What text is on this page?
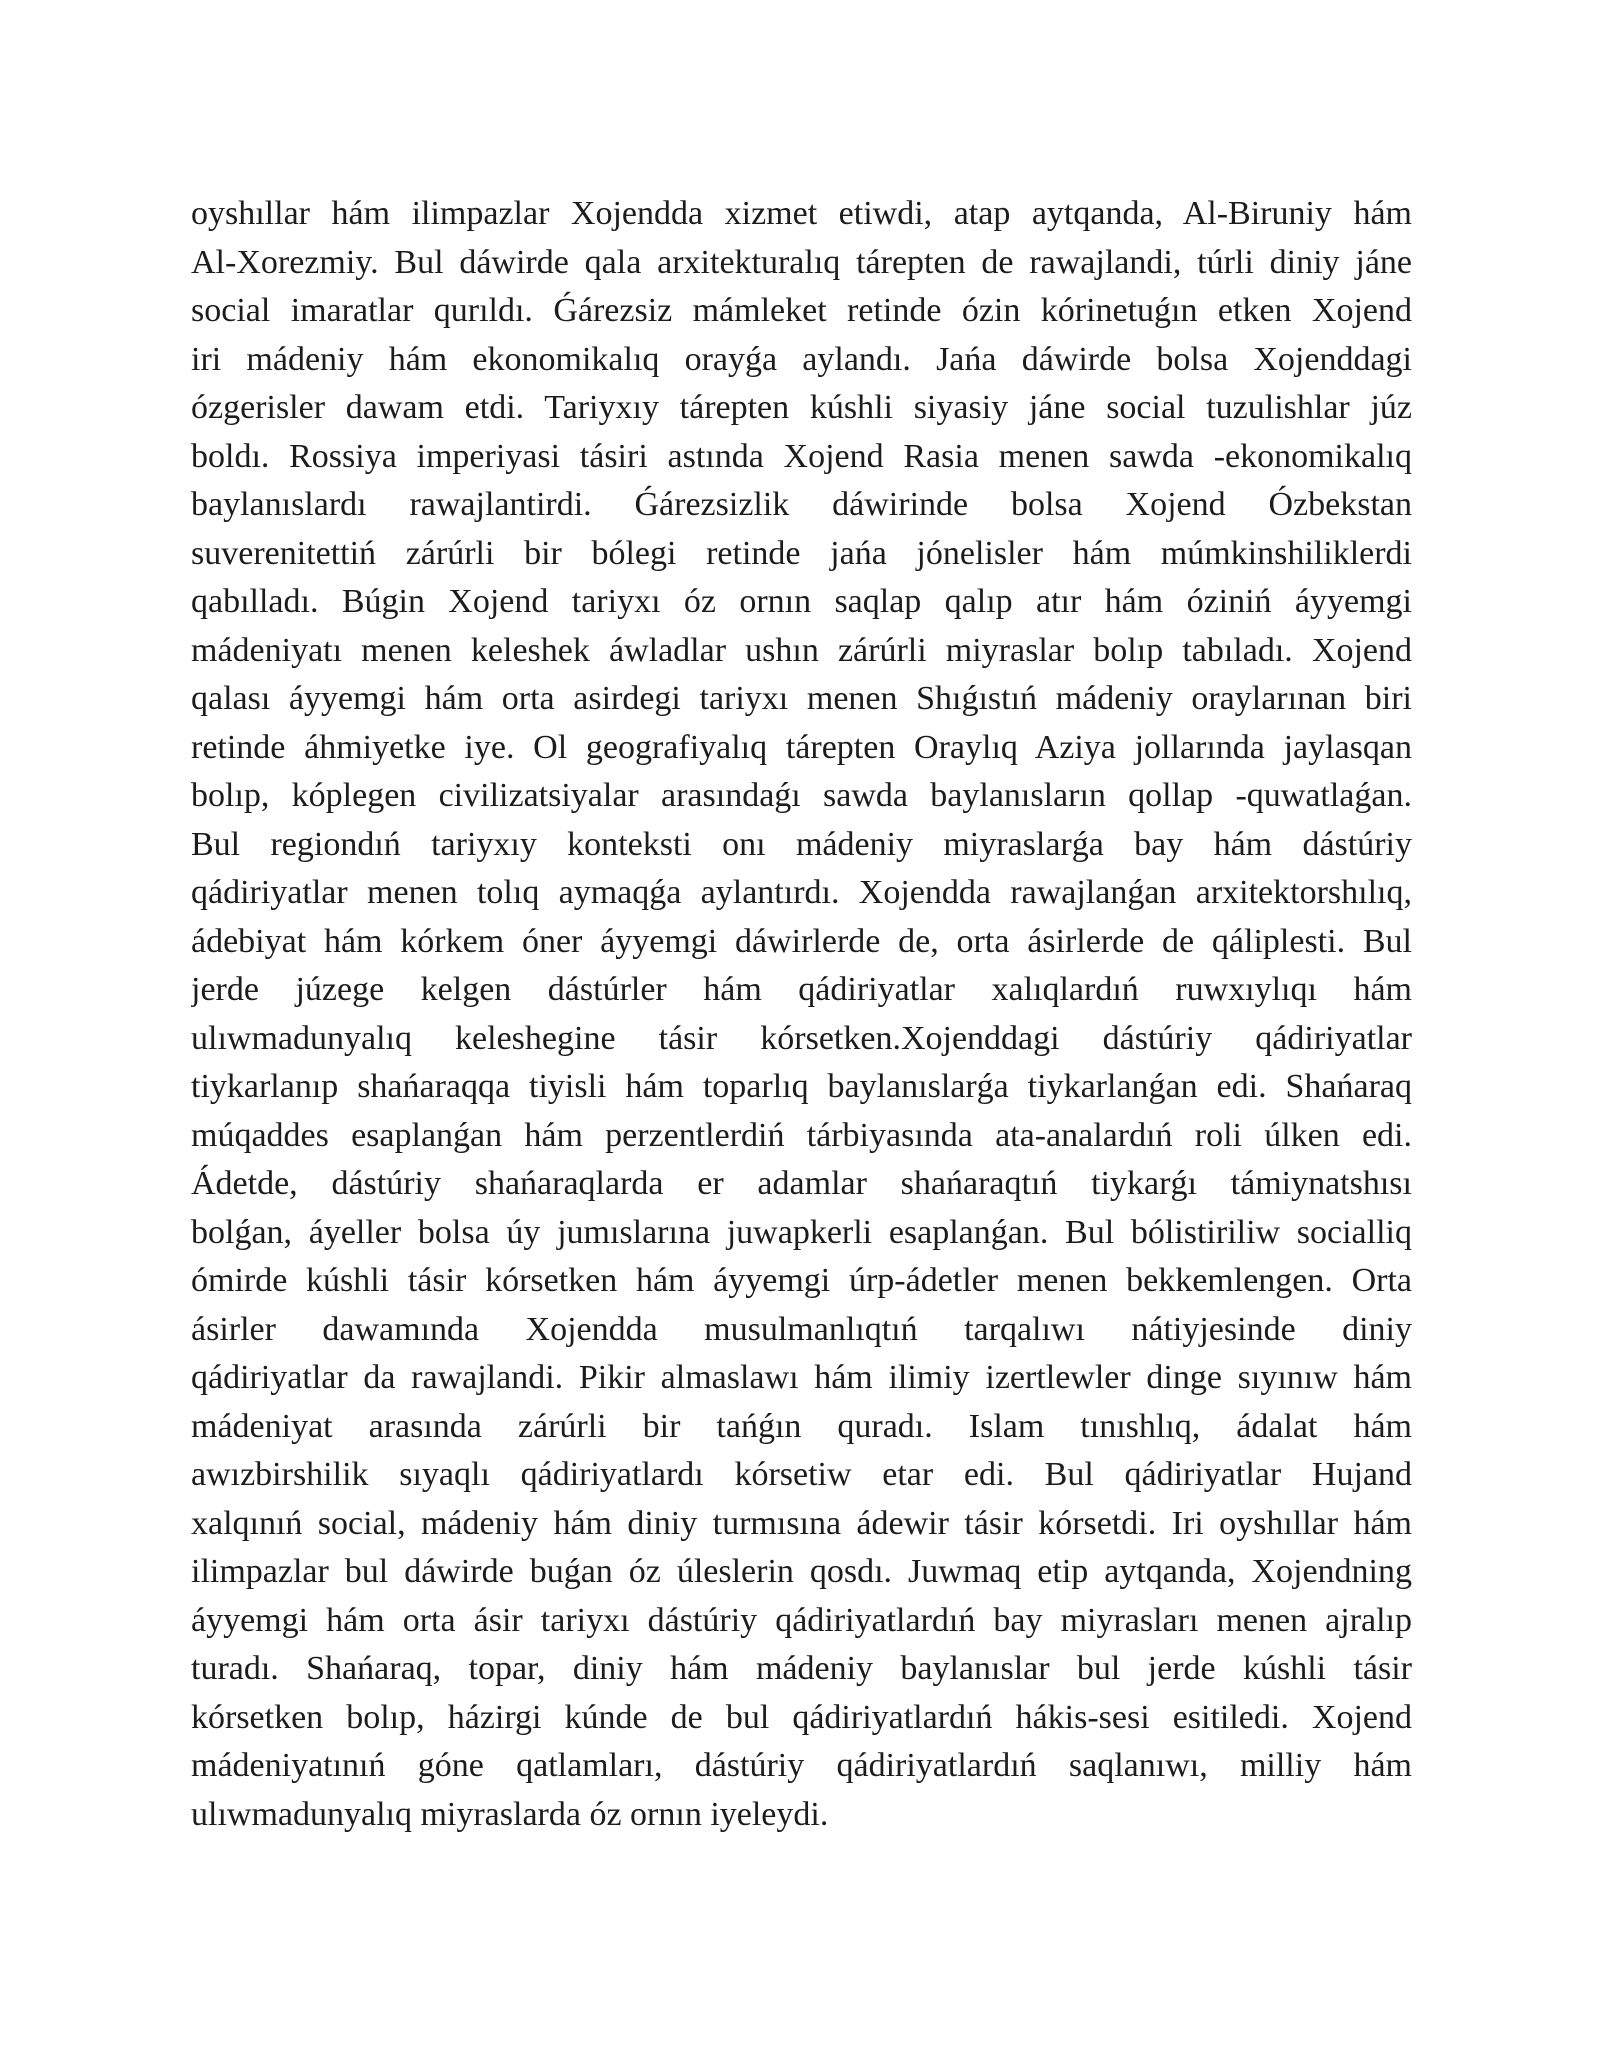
oyshıllar hám ilimpazlar Xojendda xizmet etiwdi, atap aytqanda, Al-Biruniy hám
Al-Xorezmiy. Bul dáwirde qala arxitekturalıq tárepten de rawajlandi, túrli diniy jáne
social imaratlar qurıldı. Ǵárezsiz mámleket retinde ózin kórinetuǵın etken Xojend
iri mádeniy hám ekonomikalıq orayǵa aylandı. Jańa dáwirde bolsa Xojenddagi
ózgerisler dawam etdi. Tariyxıy tárepten kúshli siyasiy jáne social tuzulishlar júz
boldı. Rossiya imperiyasi tásiri astında Xojend Rasia menen sawda -ekonomikalıq
baylanıslardı rawajlantirdi. Ǵárezsizlik dáwirinde bolsa Xojend Ózbekstan
suverenitettiń zárúrli bir bólegi retinde jańa jónelisler hám múmkinshiliklerdi
qabılladı. Búgin Xojend tariyxı óz ornın saqlap qalıp atır hám óziniń áyyemgi
mádeniyatı menen keleshek áwladlar ushın zárúrli miyraslar bolıp tabıladı. Xojend
qalası áyyemgi hám orta asirdegi tariyxı menen Shıǵıstıń mádeniy oraylarınan biri
retinde áhmiyetke iye. Ol geografiyalıq tárepten Oraylıq Aziya jollarında jaylasqan
bolıp, kóplegen civilizatsiyalar arasındaǵı sawda baylanısların qollap -quwatlaǵan.
Bul regiondıń tariyxıy konteksti onı mádeniy miyraslarǵa bay hám dástúriy
qádiriyatlar menen tolıq aymaqǵa aylantırdı. Xojendda rawajlanǵan arxitektorshılıq,
ádebiyat hám kórkem óner áyyemgi dáwirlerde de, orta ásirlerde de qáliplesti. Bul
jerde júzege kelgen dástúrler hám qádiriyatlar xalıqlardıń ruwxıylıqı hám
ulıwmadunyalıq keleshegine tásir kórsetken.Xojenddagi dástúriy qádiriyatlar
tiykarlanıp shańaraqqa tiyisli hám toparlıq baylanıslarǵa tiykarlanǵan edi. Shańaraq
múqaddes esaplanǵan hám perzentlerdiń tárbiyasında ata-analardıń roli úlken edi.
Ádetde, dástúriy shańaraqlarda er adamlar shańaraqtıń tiykarǵı támiynatshısı
bolǵan, áyeller bolsa úy jumıslarına juwapkerli esaplanǵan. Bul bólistiriliw socialliq
ómirde kúshli tásir kórsetken hám áyyemgi úrp-ádetler menen bekkemlengen. Orta
ásirler dawamında Xojendda musulmanlıqtıń tarqalıwı nátiyjesinde diniy
qádiriyatlar da rawajlandi. Pikir almaslawı hám ilimiy izertlewler dinge sıyınıw hám
mádeniyat arasında zárúrli bir tańǵın quradı. Islam tınıshlıq, ádalat hám
awızbirshilik sıyaqlı qádiriyatlardı kórsetiw etar edi. Bul qádiriyatlar Hujand
xalqınıń social, mádeniy hám diniy turmısına ádewir tásir kórsetdi. Iri oyshıllar hám
ilimpazlar bul dáwirde buǵan óz úleslerin qosdı. Juwmaq etip aytqanda, Xojendning
áyyemgi hám orta ásir tariyxı dástúriy qádiriyatlardıń bay miyrasları menen ajralıp
turadı. Shańaraq, topar, diniy hám mádeniy baylanıslar bul jerde kúshli tásir
kórsetken bolıp, házirgi kúnde de bul qádiriyatlardıń hákis-sesi esitiledi. Xojend
mádeniyatınıń góne qatlamları, dástúriy qádiriyatlardıń saqlanıwı, milliy hám
ulıwmadunyalıq miyraslarda óz ornın iyeleydi.
